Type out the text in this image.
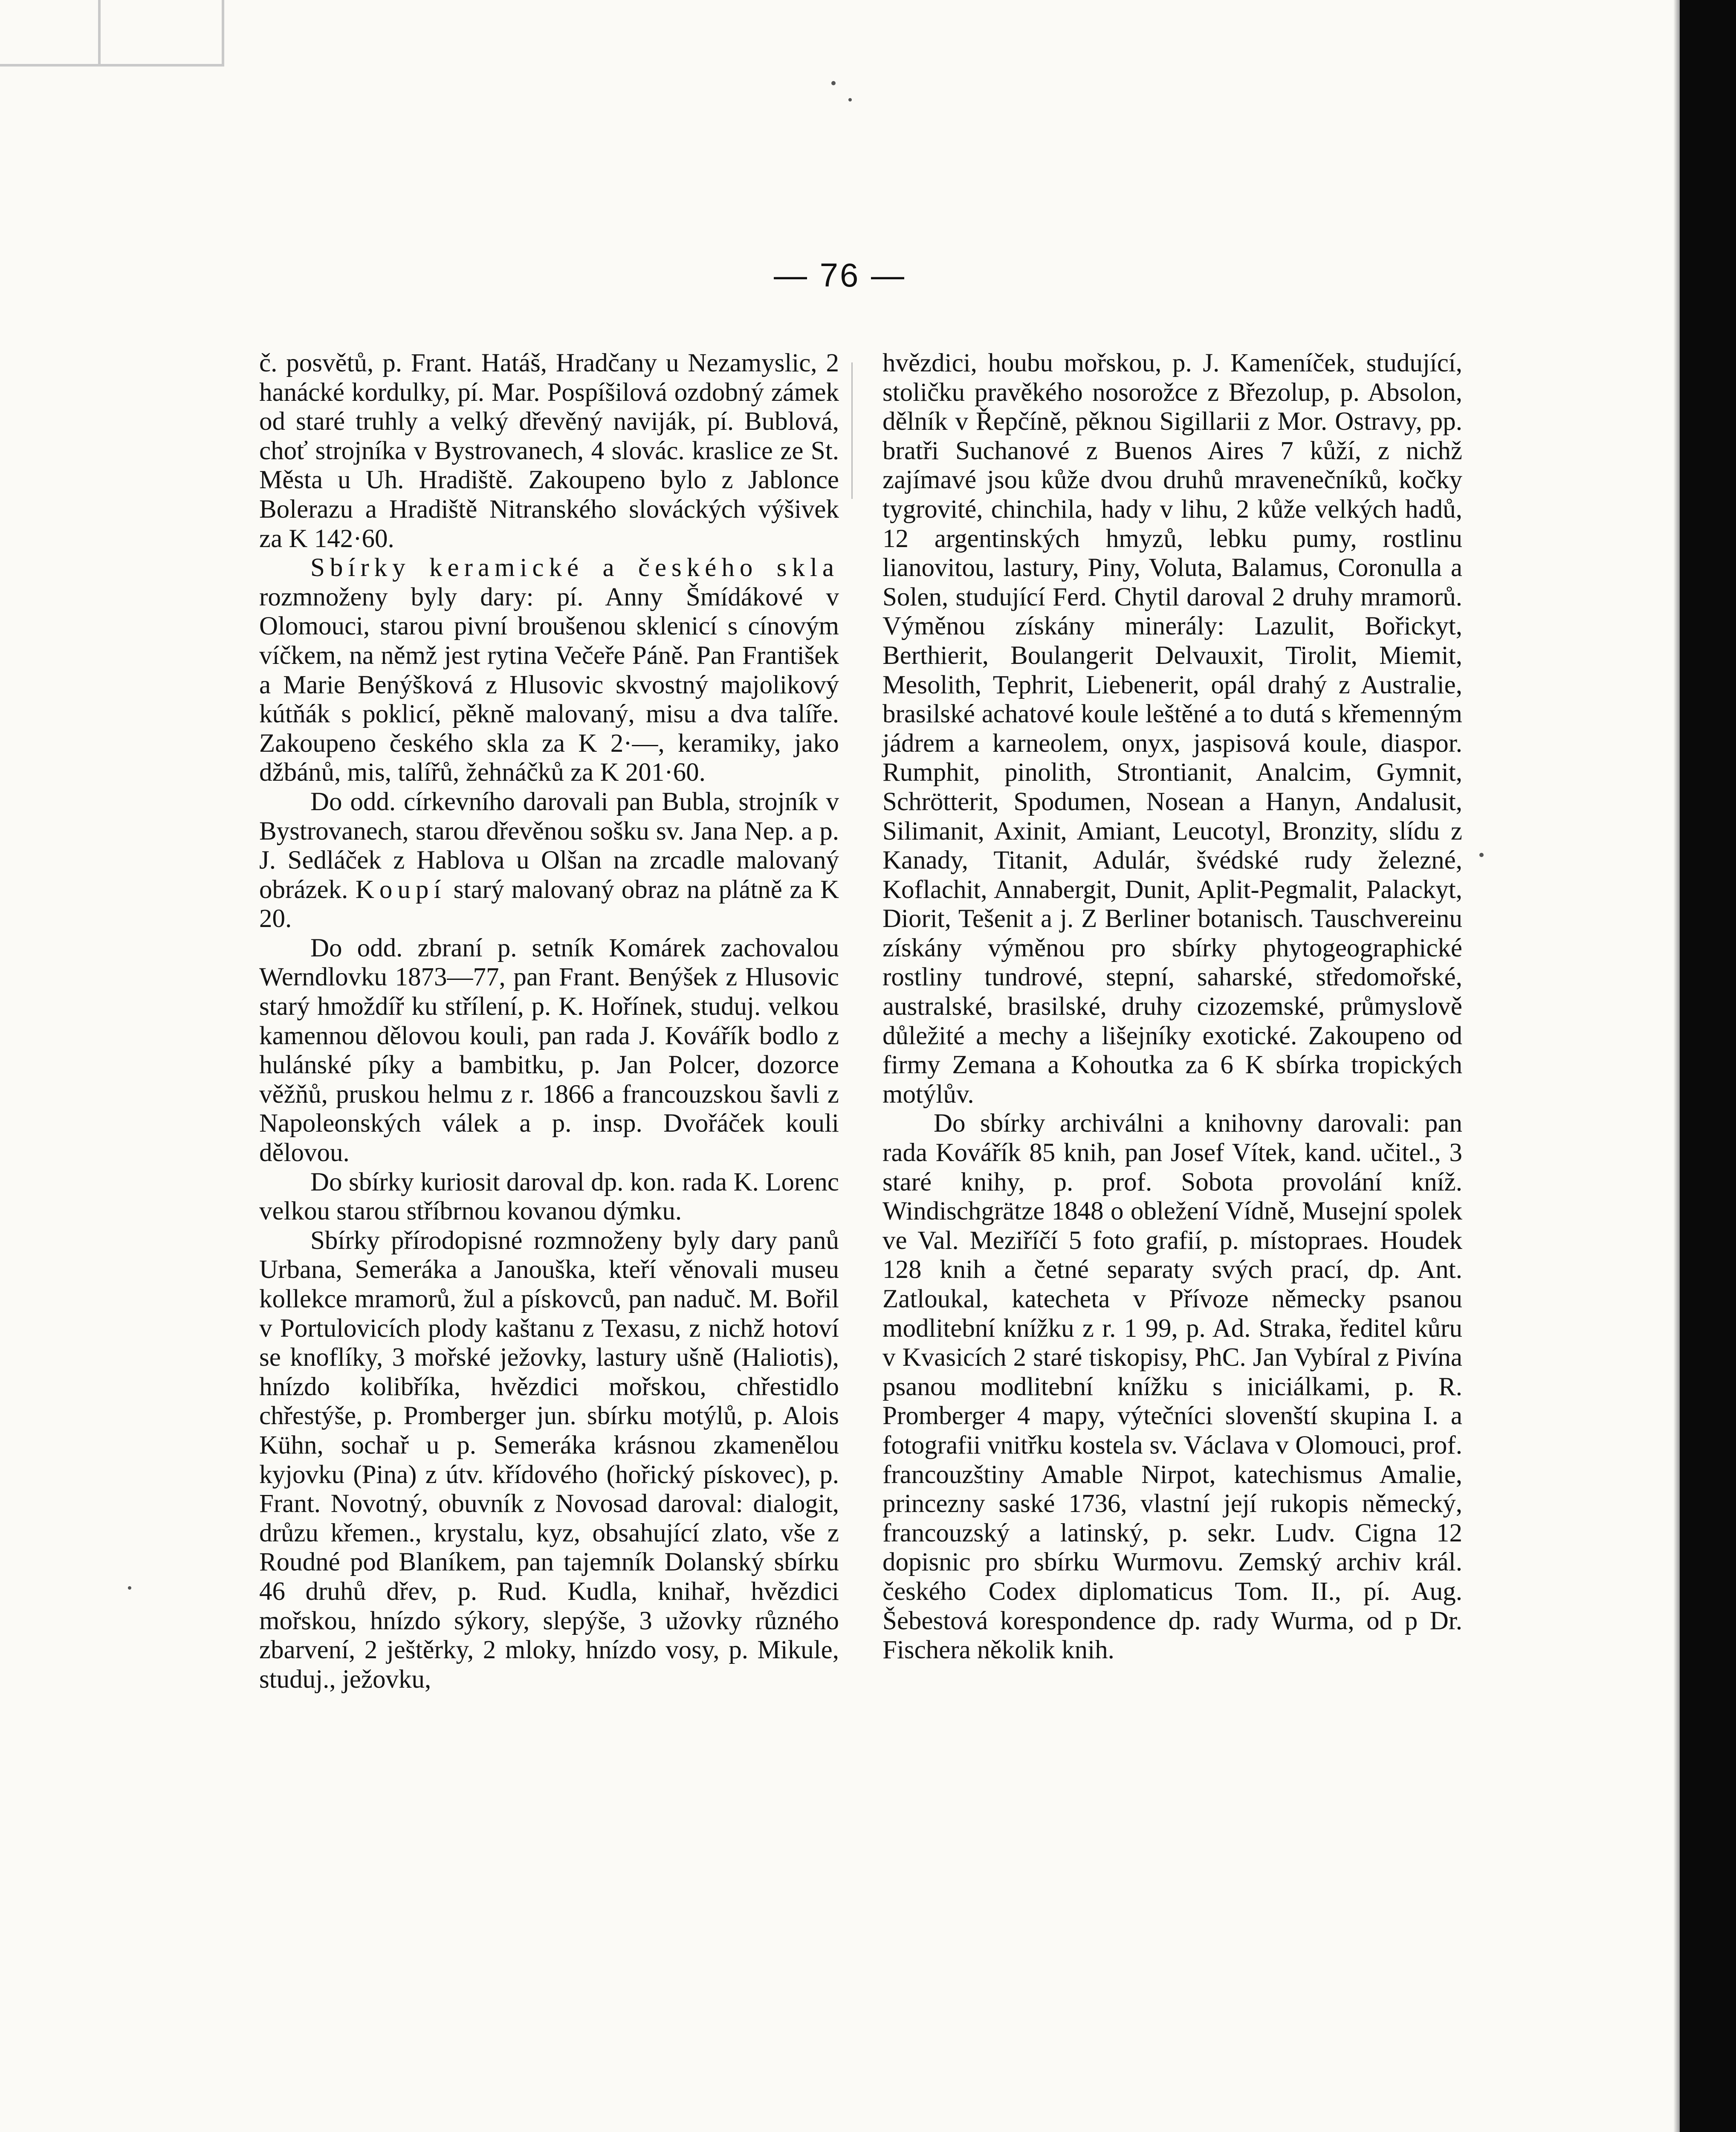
— 76 —

č. posvětů, p. Frant. Hatáš, Hradčany u Nezamyslic, 2 hanácké kordulky, pí. Mar. Pospíšilová ozdobný zámek od staré truhly a velký dřevěný naviják, pí. Bublová, choť strojníka v Bystrovanech, 4 slovác. kraslice ze St. Města u Uh. Hradiště. Zakoupeno bylo z Jablonce Bolerazu a Hradiště Nitranského slováckých výšivek za K 142·60.

Sbírky keramické a českého skla rozmnoženy byly dary: pí. Anny Šmídákové v Olomouci, starou pivní broušenou sklenicí s cínovým víčkem, na němž jest rytina Večeře Páně. Pan František a Marie Benýšková z Hlusovic skvostný majolikový kútňák s poklicí, pěkně malovaný, misu a dva talíře. Zakoupeno českého skla za K 2·—, keramiky, jako džbánů, mis, talířů, žehnáčků za K 201·60.

Do odd. církevního darovali pan Bubla, strojník v Bystrovanech, starou dřevěnou sošku sv. Jana Nep. a p. J. Sedláček z Hablova u Olšan na zrcadle malovaný obrázek. Koupí starý malovaný obraz na plátně za K 20.

Do odd. zbraní p. setník Komárek zachovalou Werndlovku 1873—77, pan Frant. Benýšek z Hlusovic starý hmoždíř ku střílení, p. K. Hořínek, studuj. velkou kamennou dělovou kouli, pan rada J. Kovářík bodlo z hulánské píky a bambitku, p. Jan Polcer, dozorce věžňů, pruskou helmu z r. 1866 a francouzskou šavli z Napoleonských válek a p. insp. Dvořáček kouli dělovou.

Do sbírky kuriosit daroval dp. kon. rada K. Lorenc velkou starou stříbrnou kovanou dýmku.

Sbírky přírodopisné rozmnoženy byly dary panů Urbana, Semeráka a Janouška, kteří věnovali museu kollekce mramorů, žul a pískovců, pan naduč. M. Bořil v Portulovicích plody kaštanu z Texasu, z nichž hotoví se knoflíky, 3 mořské ježovky, lastury ušně (Haliotis), hnízdo kolibříka, hvězdici mořskou, chřestidlo chřestýše, p. Promberger jun. sbírku motýlů, p. Alois Kühn, sochař u p. Semeráka krásnou zkamenělou kyjovku (Pina) z útv. křídového (hořický pískovec), p. Frant. Novotný, obuvník z Novosad daroval: dialogit, drůzu křemen., krystalu, kyz, obsahující zlato, vše z Roudné pod Blaníkem, pan tajemník Dolanský sbírku 46 druhů dřev, p. Rud. Kudla, knihař, hvězdici mořskou, hnízdo sýkory, slepýše, 3 užovky různého zbarvení, 2 ještěrky, 2 mloky, hnízdo vosy, p. Mikule, studuj., ježovku,

hvězdici, houbu mořskou, p. J. Kameníček, studující, stoličku pravěkého nosorožce z Březolup, p. Absolon, dělník v Řepčíně, pěknou Sigillarii z Mor. Ostravy, pp. bratři Suchanové z Buenos Aires 7 kůží, z nichž zajímavé jsou kůže dvou druhů mravenečníků, kočky tygrovité, chinchila, hady v lihu, 2 kůže velkých hadů, 12 argentinských hmyzů, lebku pumy, rostlinu lianovitou, lastury, Piny, Voluta, Balamus, Coronulla a Solen, studující Ferd. Chytil daroval 2 druhy mramorů. Výměnou získány minerály: Lazulit, Bořickyt, Berthierit, Boulangerit Delvauxit, Tirolit, Miemit, Mesolith, Tephrit, Liebenerit, opál drahý z Australie, brasilské achatové koule leštěné a to dutá s křemenným jádrem a karneolem, onyx, jaspisová koule, diaspor. Rumphit, pinolith, Strontianit, Analcim, Gymnit, Schrötterit, Spodumen, Nosean a Hanyn, Andalusit, Silimanit, Axinit, Amiant, Leucotyl, Bronzity, slídu z Kanady, Titanit, Adulár, švédské rudy železné, Koflachit, Annabergit, Dunit, Aplit-Pegmalit, Palackyt, Diorit, Tešenit a j. Z Berliner botanisch. Tauschvereinu získány výměnou pro sbírky phytogeographické rostliny tundrové, stepní, saharské, středomořské, australské, brasilské, druhy cizozemské, průmyslově důležité a mechy a lišejníky exotické. Zakoupeno od firmy Zemana a Kohoutka za 6 K sbírka tropických motýlův.

Do sbírky archiválni a knihovny darovali: pan rada Kovářík 85 knih, pan Josef Vítek, kand. učitel., 3 staré knihy, p. prof. Sobota provolání kníž. Windischgrätze 1848 o obležení Vídně, Musejní spolek ve Val. Meziříčí 5 foto grafií, p. místopraes. Houdek 128 knih a četné separaty svých prací, dp. Ant. Zatloukal, katecheta v Přívoze německy psanou modlitební knížku z r. 1 99, p. Ad. Straka, ředitel kůru v Kvasicích 2 staré tiskopisy, PhC. Jan Vybíral z Pivína psanou modlitební knížku s iniciálkami, p. R. Promberger 4 mapy, výtečníci slovenští skupina I. a fotografii vnitřku kostela sv. Václava v Olomouci, prof. francouzštiny Amable Nirpot, katechismus Amalie, princezny saské 1736, vlastní její rukopis německý, francouzský a latinský, p. sekr. Ludv. Cigna 12 dopisnic pro sbírku Wurmovu. Zemský archiv král. českého Codex diplomaticus Tom. II., pí. Aug. Šebestová korespondence dp. rady Wurma, od p Dr. Fischera několik knih.
